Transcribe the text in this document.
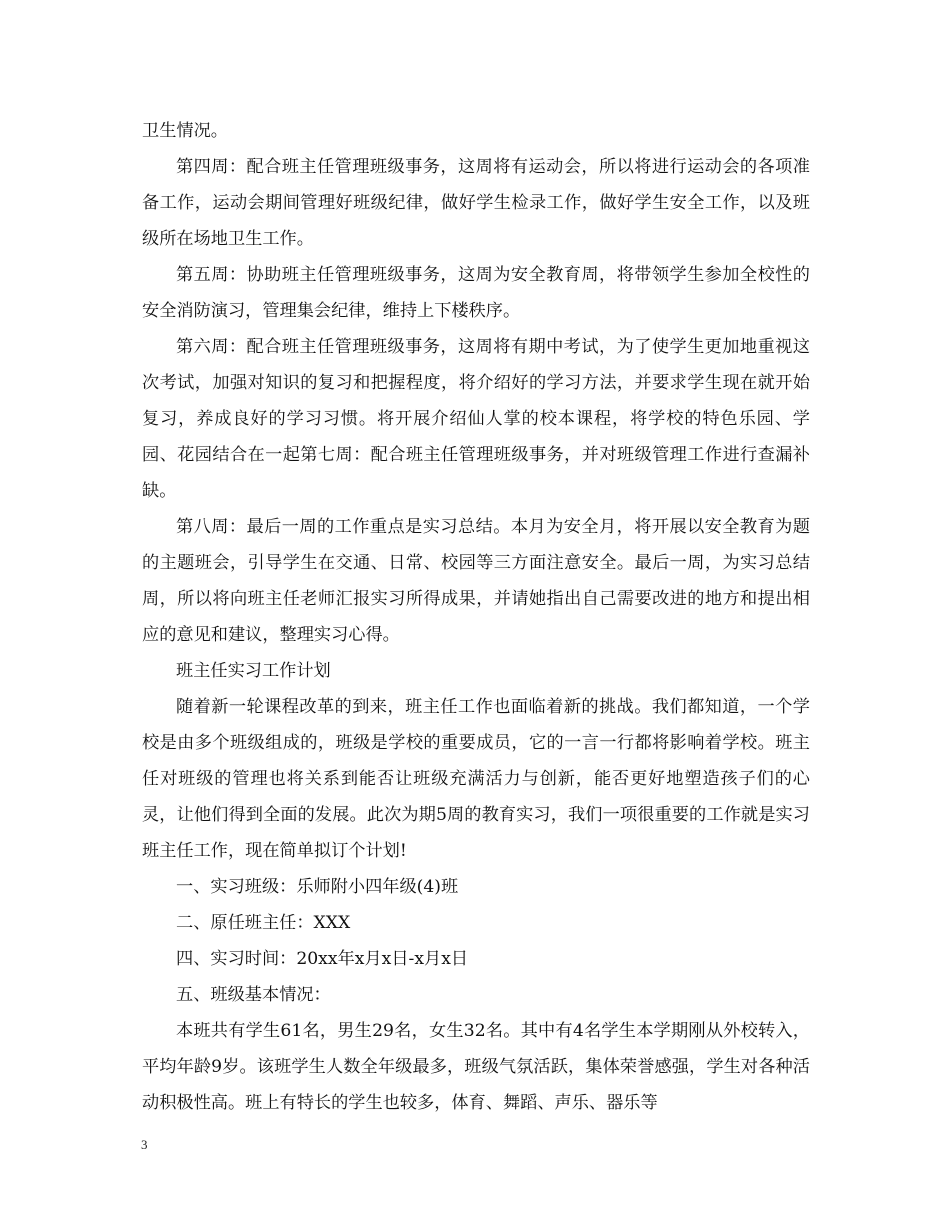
卫生情况。

第四周：配合班主任管理班级事务，这周将有运动会，所以将进行运动会的各项准备工作，运动会期间管理好班级纪律，做好学生检录工作，做好学生安全工作，以及班级所在场地卫生工作。

第五周：协助班主任管理班级事务，这周为安全教育周，将带领学生参加全校性的安全消防演习，管理集会纪律，维持上下楼秩序。

第六周：配合班主任管理班级事务，这周将有期中考试，为了使学生更加地重视这次考试，加强对知识的复习和把握程度，将介绍好的学习方法，并要求学生现在就开始复习，养成良好的学习习惯。将开展介绍仙人掌的校本课程，将学校的特色乐园、学园、花园结合在一起第七周：配合班主任管理班级事务，并对班级管理工作进行查漏补缺。

第八周：最后一周的工作重点是实习总结。本月为安全月，将开展以安全教育为题的主题班会，引导学生在交通、日常、校园等三方面注意安全。最后一周，为实习总结周，所以将向班主任老师汇报实习所得成果，并请她指出自己需要改进的地方和提出相应的意见和建议，整理实习心得。

班主任实习工作计划

随着新一轮课程改革的到来，班主任工作也面临着新的挑战。我们都知道，一个学校是由多个班级组成的，班级是学校的重要成员，它的一言一行都将影响着学校。班主任对班级的管理也将关系到能否让班级充满活力与创新，能否更好地塑造孩子们的心灵，让他们得到全面的发展。此次为期5周的教育实习，我们一项很重要的工作就是实习班主任工作，现在简单拟订个计划!

一、实习班级：乐师附小四年级(4)班

二、原任班主任：XXX

四、实习时间：20xx年x月x日-x月x日

五、班级基本情况：

本班共有学生61名，男生29名，女生32名。其中有4名学生本学期刚从外校转入，平均年龄9岁。该班学生人数全年级最多，班级气氛活跃，集体荣誉感强，学生对各种活动积极性高。班上有特长的学生也较多，体育、舞蹈、声乐、器乐等

3
